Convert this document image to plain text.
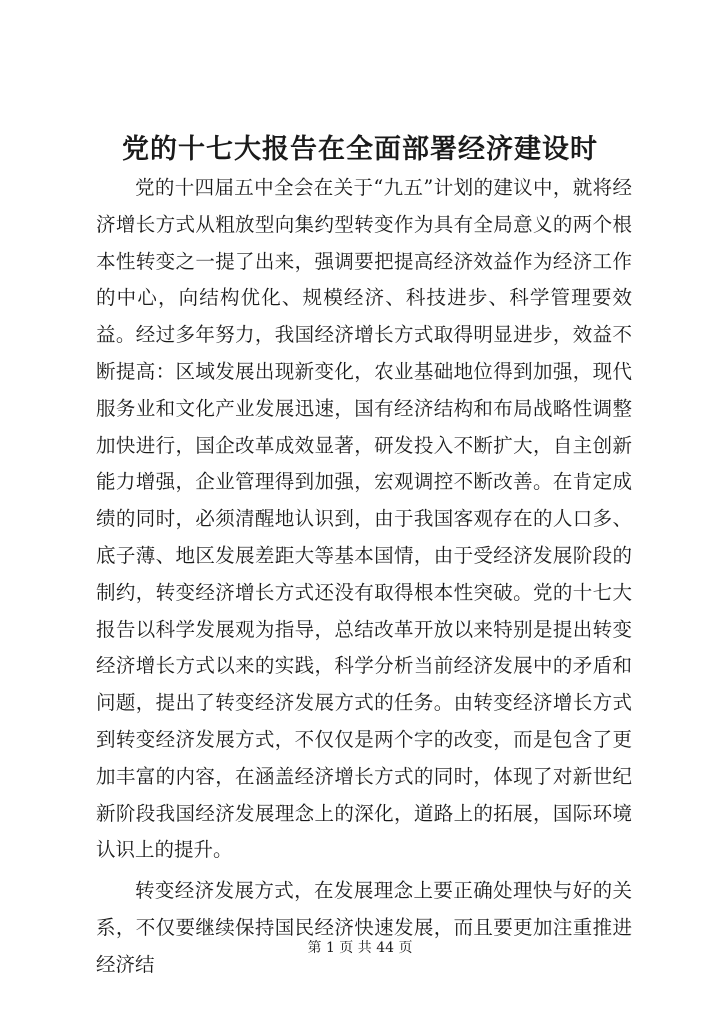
党的十七大报告在全面部署经济建设时

党的十四届五中全会在关于“九五”计划的建议中，就将经济增长方式从粗放型向集约型转变作为具有全局意义的两个根本性转变之一提了出来，强调要把提高经济效益作为经济工作的中心，向结构优化、规模经济、科技进步、科学管理要效益。经过多年努力，我国经济增长方式取得明显进步，效益不断提高：区域发展出现新变化，农业基础地位得到加强，现代服务业和文化产业发展迅速，国有经济结构和布局战略性调整加快进行，国企改革成效显著，研发投入不断扩大，自主创新能力增强，企业管理得到加强，宏观调控不断改善。在肯定成绩的同时，必须清醒地认识到，由于我国客观存在的人口多、底子薄、地区发展差距大等基本国情，由于受经济发展阶段的制约，转变经济增长方式还没有取得根本性突破。党的十七大报告以科学发展观为指导，总结改革开放以来特别是提出转变经济增长方式以来的实践，科学分析当前经济发展中的矛盾和问题，提出了转变经济发展方式的任务。由转变经济增长方式到转变经济发展方式，不仅仅是两个字的改变，而是包含了更加丰富的内容，在涵盖经济增长方式的同时，体现了对新世纪新阶段我国经济发展理念上的深化，道路上的拓展，国际环境认识上的提升。

转变经济发展方式，在发展理念上要正确处理快与好的关系，不仅要继续保持国民经济快速发展，而且要更加注重推进经济结

第 1 页 共 44 页
